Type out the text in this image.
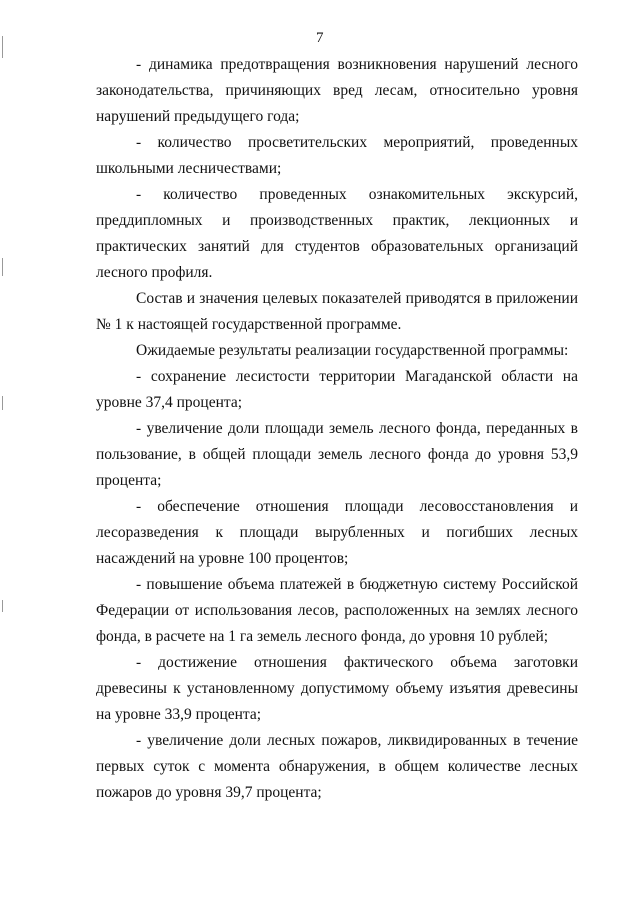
7

- динамика предотвращения возникновения нарушений лесного законодательства, причиняющих вред лесам, относительно уровня нарушений предыдущего года;

- количество просветительских мероприятий, проведенных школьными лесничествами;

- количество проведенных ознакомительных экскурсий, преддипломных и производственных практик, лекционных и практических занятий для студентов образовательных организаций лесного профиля.

Состав и значения целевых показателей приводятся в приложении № 1 к настоящей государственной программе.

Ожидаемые результаты реализации государственной программы:

- сохранение лесистости территории Магаданской области на уровне 37,4 процента;

- увеличение доли площади земель лесного фонда, переданных в пользование, в общей площади земель лесного фонда до уровня 53,9 процента;

- обеспечение отношения площади лесовосстановления и лесоразведения к площади вырубленных и погибших лесных насаждений на уровне 100 процентов;

- повышение объема платежей в бюджетную систему Российской Федерации от использования лесов, расположенных на землях лесного фонда, в расчете на 1 га земель лесного фонда, до уровня 10 рублей;

- достижение отношения фактического объема заготовки древесины к установленному допустимому объему изъятия древесины на уровне 33,9 процента;

- увеличение доли лесных пожаров, ликвидированных в течение первых суток с момента обнаружения, в общем количестве лесных пожаров до уровня 39,7 процента;
